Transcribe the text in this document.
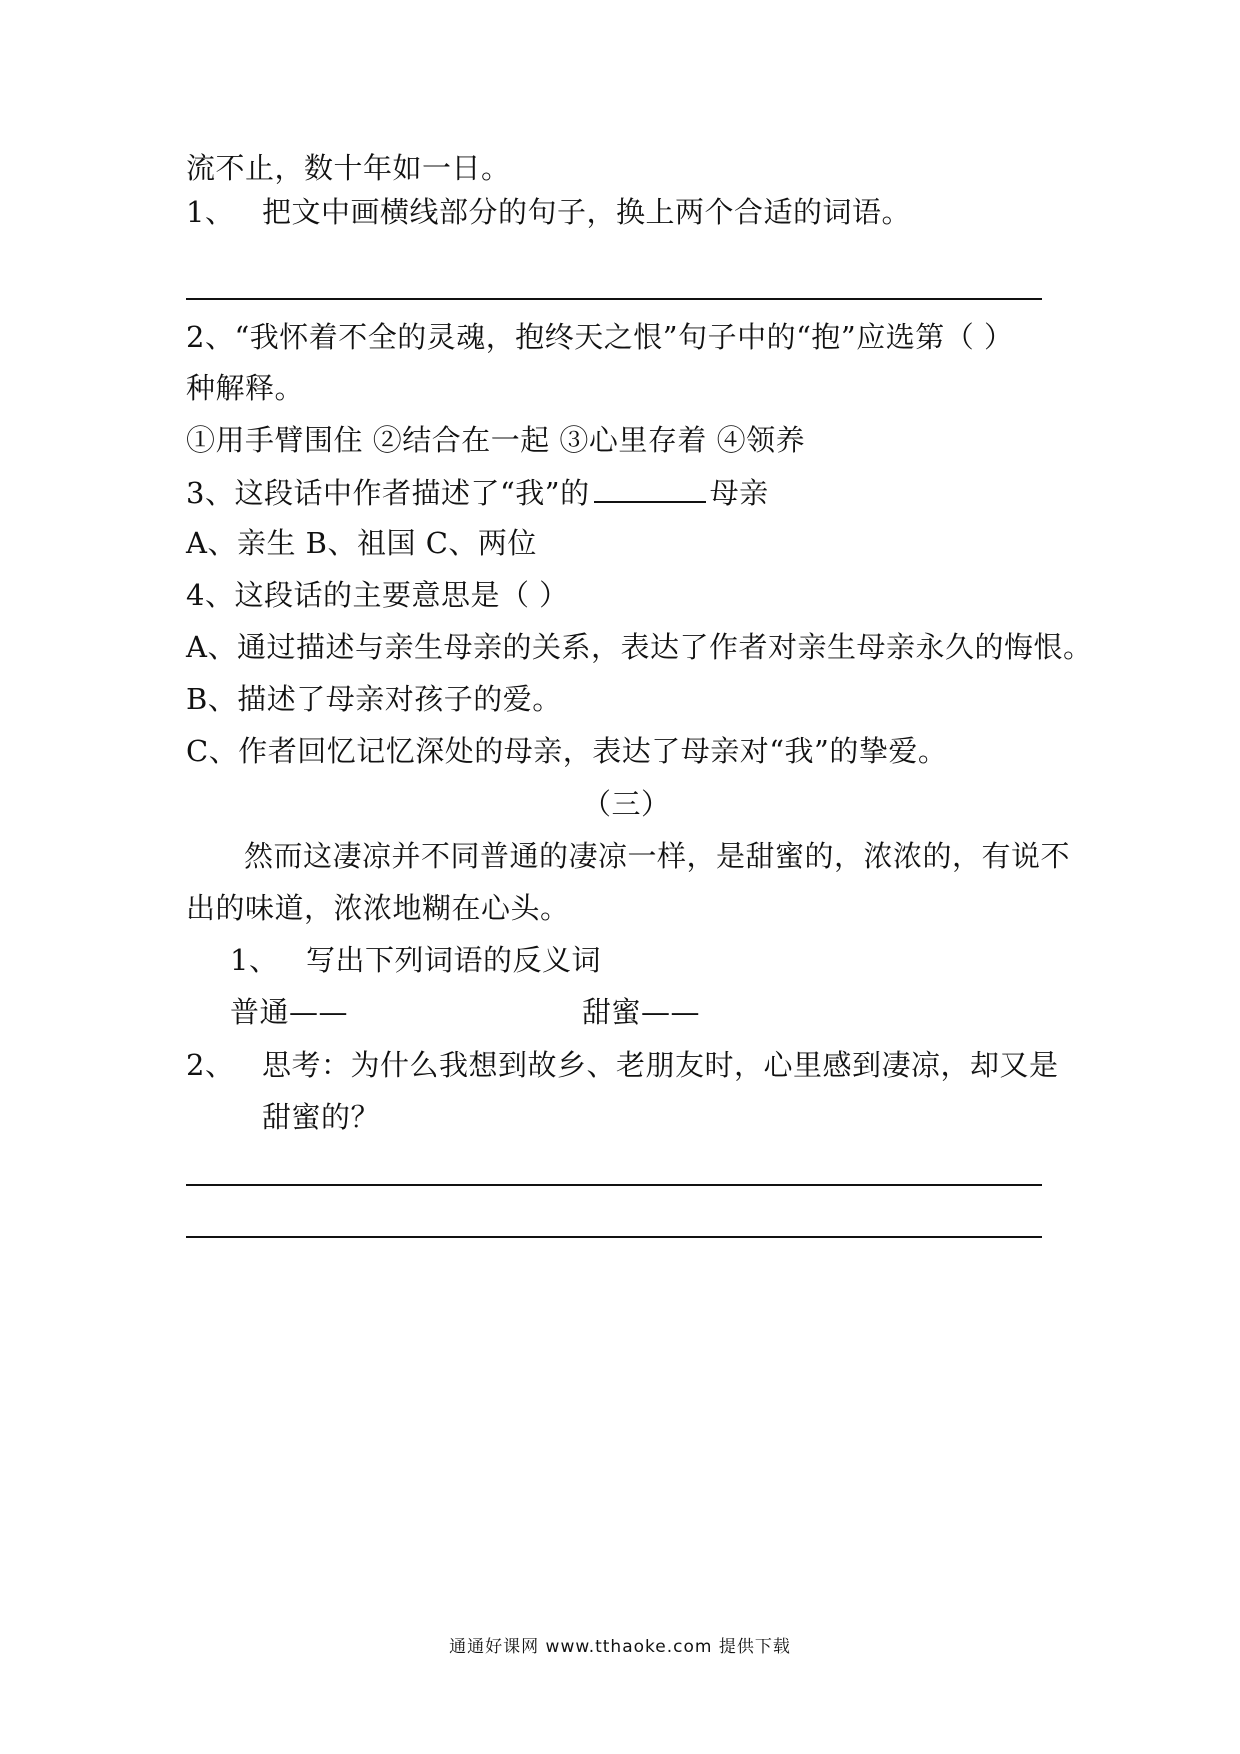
流不止，数十年如一日。
1、 把文中画横线部分的句子，换上两个合适的词语。
2、“我怀着不全的灵魂，抱终天之恨”句子中的“抱”应选第（ ）
种解释。
①用手臂围住 ②结合在一起 ③心里存着 ④领养
3、这段话中作者描述了“我”的	母亲
A、亲生 B、祖国 C、两位
4、这段话的主要意思是（ ）
A、通过描述与亲生母亲的关系，表达了作者对亲生母亲永久的悔恨。
B、描述了母亲对孩子的爱。
C、作者回忆记忆深处的母亲，表达了母亲对“我”的挚爱。
（三）
然而这凄凉并不同普通的凄凉一样，是甜蜜的，浓浓的，有说不
出的味道，浓浓地糊在心头。
1、 写出下列词语的反义词
普通——	甜蜜——
2、 思考：为什么我想到故乡、老朋友时，心里感到凄凉，却又是
甜蜜的？
通通好课网 www.tthaoke.com 提供下载
